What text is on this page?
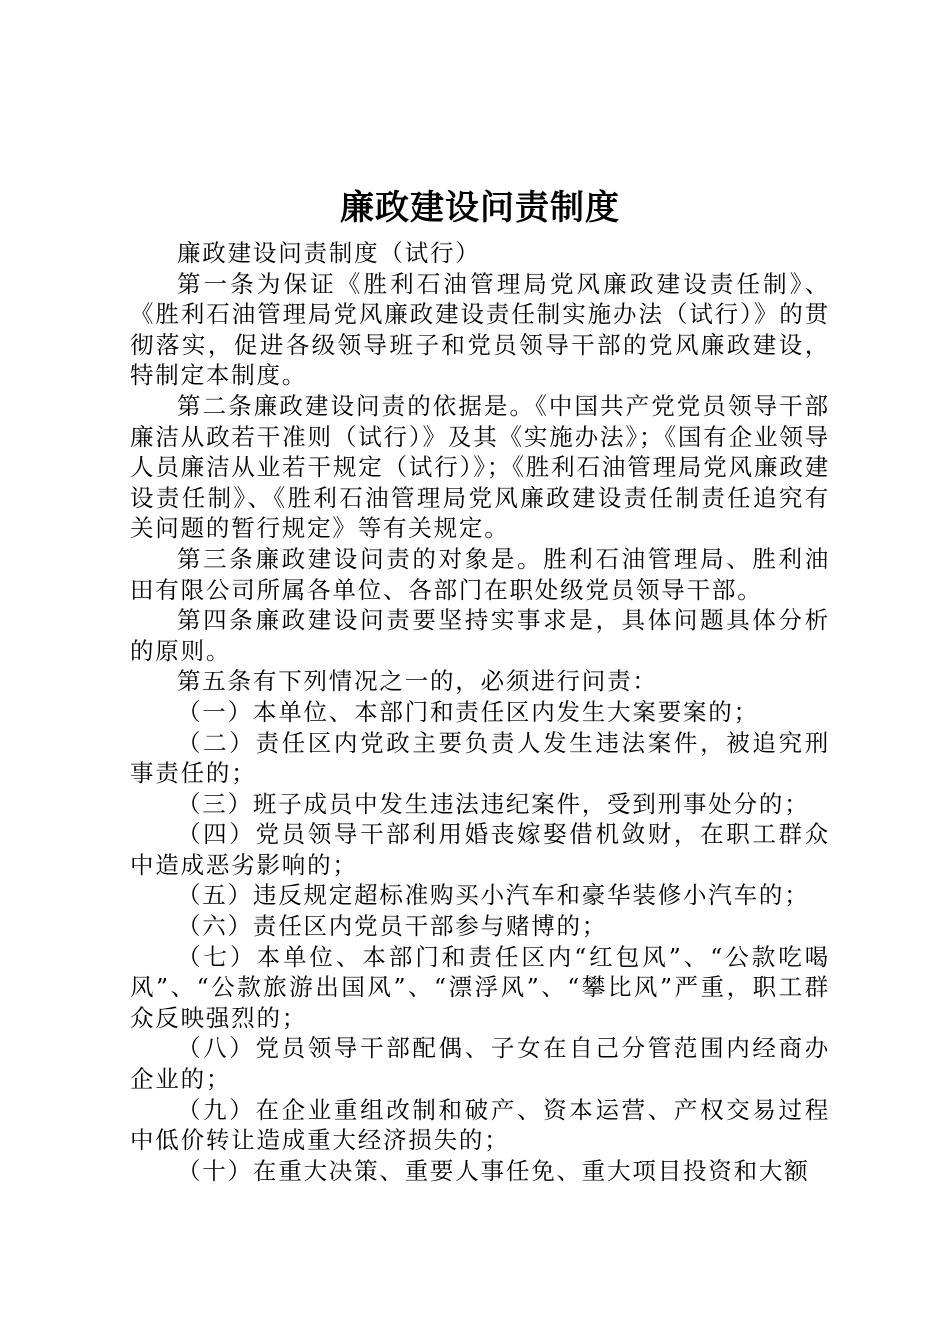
廉政建设问责制度

廉政建设问责制度（试行）

第一条为保证《胜利石油管理局党风廉政建设责任制》、《胜利石油管理局党风廉政建设责任制实施办法（试行）》的贯彻落实，促进各级领导班子和党员领导干部的党风廉政建设，特制定本制度。

第二条廉政建设问责的依据是。《中国共产党党员领导干部廉洁从政若干准则（试行）》及其《实施办法》；《国有企业领导人员廉洁从业若干规定（试行）》；《胜利石油管理局党风廉政建设责任制》、《胜利石油管理局党风廉政建设责任制责任追究有关问题的暂行规定》等有关规定。

第三条廉政建设问责的对象是。胜利石油管理局、胜利油田有限公司所属各单位、各部门在职处级党员领导干部。

第四条廉政建设问责要坚持实事求是，具体问题具体分析的原则。

第五条有下列情况之一的，必须进行问责：

（一）本单位、本部门和责任区内发生大案要案的；

（二）责任区内党政主要负责人发生违法案件，被追究刑事责任的；

（三）班子成员中发生违法违纪案件，受到刑事处分的；

（四）党员领导干部利用婚丧嫁娶借机敛财，在职工群众中造成恶劣影响的；

（五）违反规定超标准购买小汽车和豪华装修小汽车的；

（六）责任区内党员干部参与赌博的；

（七）本单位、本部门和责任区内“红包风”、“公款吃喝风”、“公款旅游出国风”、“漂浮风”、“攀比风”严重，职工群众反映强烈的；

（八）党员领导干部配偶、子女在自己分管范围内经商办企业的；

（九）在企业重组改制和破产、资本运营、产权交易过程中低价转让造成重大经济损失的；

（十）在重大决策、重要人事任免、重大项目投资和大额
